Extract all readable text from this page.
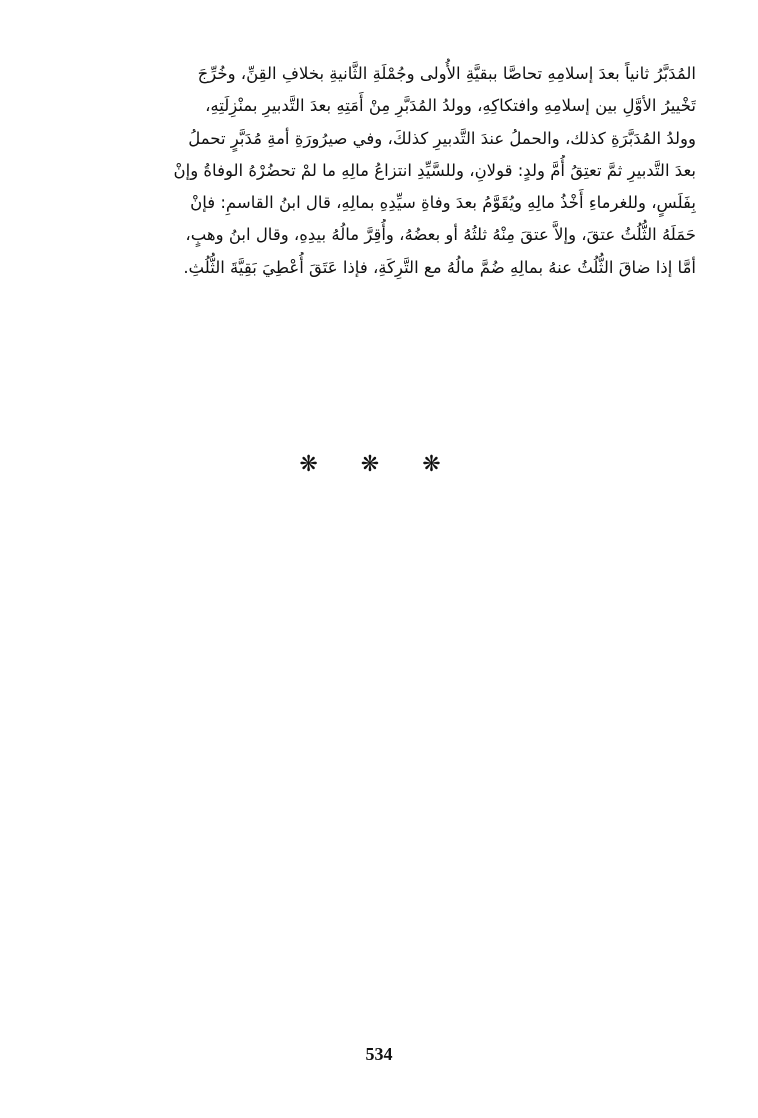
المُدَبَّرُ ثانياً بعدَ إسلامِهِ تحاصَّا ببقيَّةِ الأُولى وجُمْلَةِ الثَّانيةِ بخلافِ القِنِّ، وخُرِّجَ
تَخْييرُ الأوَّلِ بين إسلامِهِ وافتكاكِهِ، وولدُ المُدَبَّرِ مِنْ أَمَتِهِ بعدَ التَّدبيرِ بمنْزِلَتِهِ،
وولدُ المُدَبَّرَةِ كذلك، والحملُ عندَ التَّدبيرِ كذلكَ، وفي صيرُورَةِ أمةِ مُدَبَّرٍ تحملُ
بعدَ التَّدبيرِ ثمَّ تعتِقُ أُمَّ ولدٍ: قولانِ، وللسَّيِّدِ انتزاعُ مالِهِ ما لمْ تحضُرْهُ الوفاةُ وإنْ
بِفَلَسٍ، وللغرماءِ أَخْذُ مالِهِ ويُقَوَّمُ بعدَ وفاةِ سيِّدِهِ بمالِهِ، قال ابنُ القاسمِ: فإنْ
حَمَلَهُ الثُّلُثُ عتقَ، وإلاَّ عتقَ مِنْهُ ثلثُهُ أو بعضُهُ، وأُقِرَّ مالُهُ بيدِهِ، وقال ابنُ وهبٍ،
أمَّا إذا ضاقَ الثُّلُثُ عنهُ بمالِهِ ضُمَّ مالُهُ مع التَّرِكَةِ، فإذا عَتَقَ أُعْطِيَ بَقِيَّةَ الثُّلُثِ.
❋ ❋ ❋
534
